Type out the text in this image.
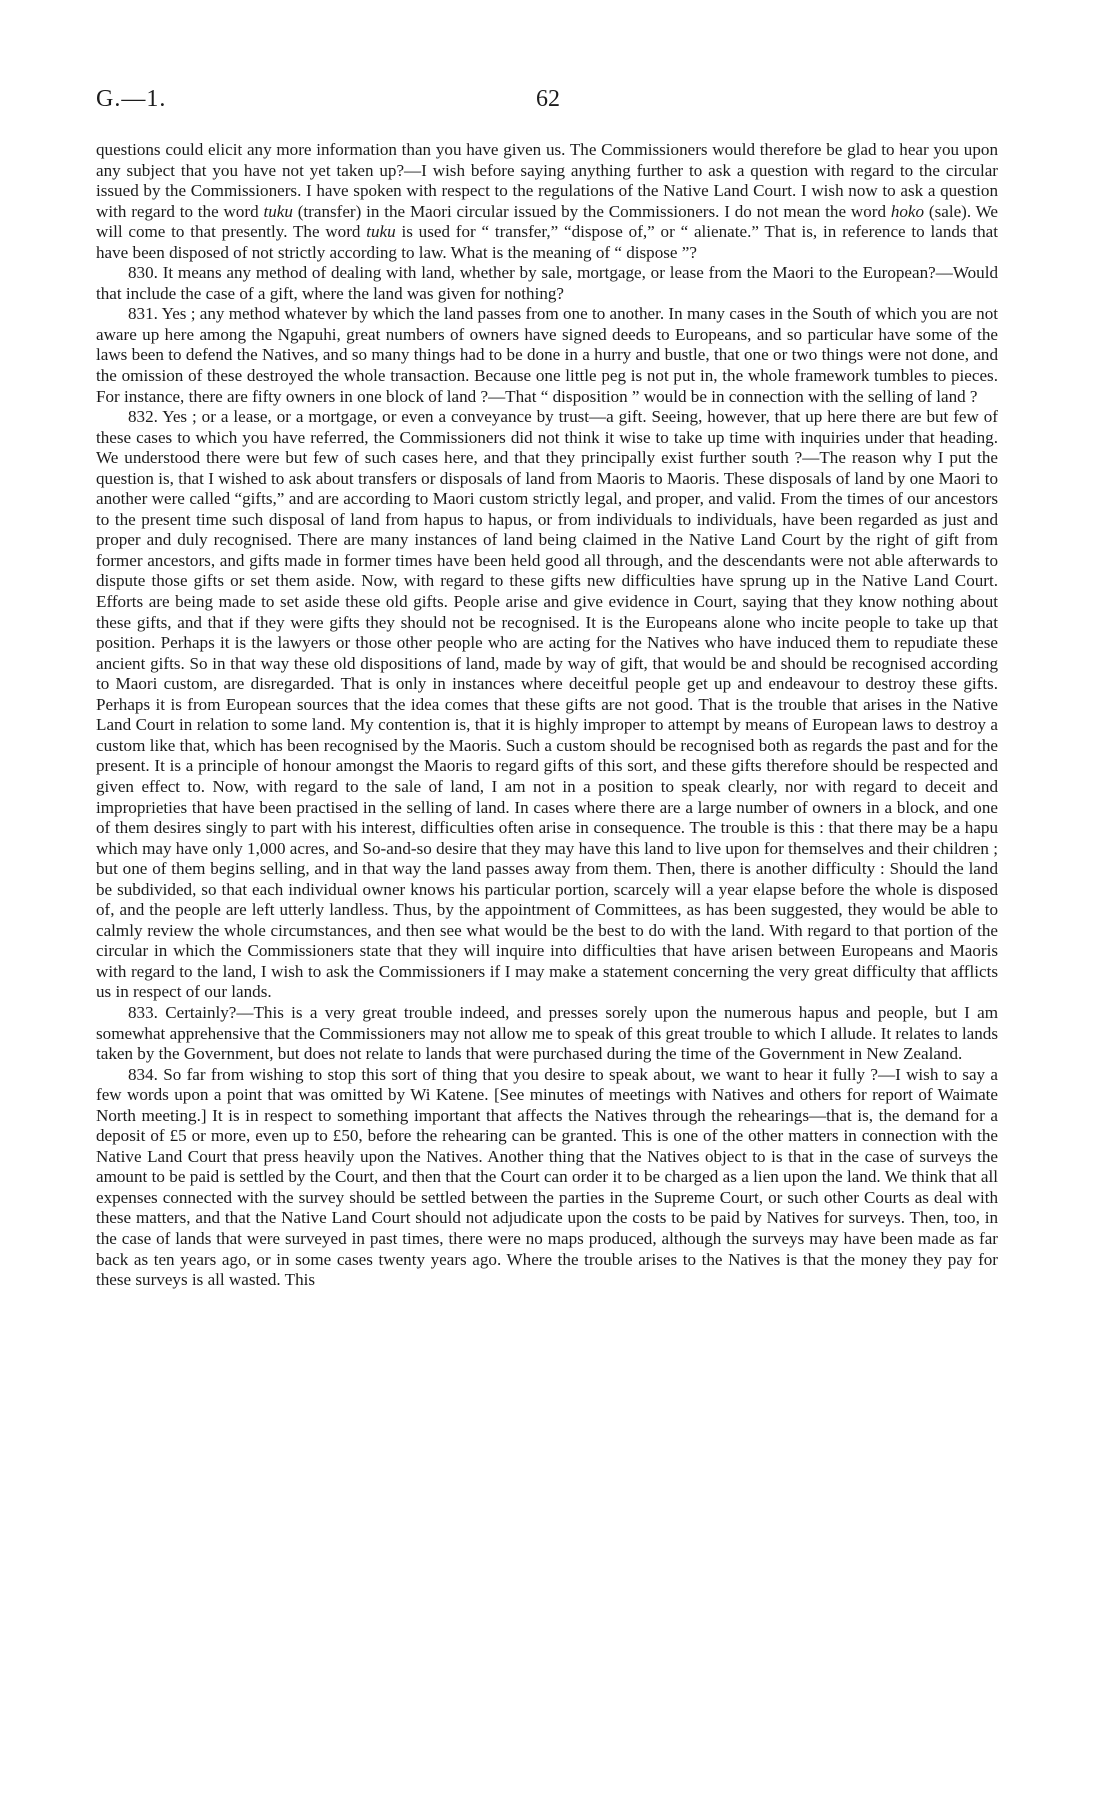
G.—1.	62

questions could elicit any more information than you have given us. The Commissioners would therefore be glad to hear you upon any subject that you have not yet taken up?—I wish before saying anything further to ask a question with regard to the circular issued by the Commissioners. I have spoken with respect to the regulations of the Native Land Court. I wish now to ask a question with regard to the word tuku (transfer) in the Maori circular issued by the Commissioners. I do not mean the word hoko (sale). We will come to that presently. The word tuku is used for “ transfer,” “dispose of,” or “ alienate.” That is, in reference to lands that have been disposed of not strictly according to law. What is the meaning of “ dispose ”?

830. It means any method of dealing with land, whether by sale, mortgage, or lease from the Maori to the European?—Would that include the case of a gift, where the land was given for nothing?

831. Yes ; any method whatever by which the land passes from one to another. In many cases in the South of which you are not aware up here among the Ngapuhi, great numbers of owners have signed deeds to Europeans, and so particular have some of the laws been to defend the Natives, and so many things had to be done in a hurry and bustle, that one or two things were not done, and the omission of these destroyed the whole transaction. Because one little peg is not put in, the whole framework tumbles to pieces. For instance, there are fifty owners in one block of land ?—That “ disposition ” would be in connection with the selling of land ?

832. Yes ; or a lease, or a mortgage, or even a conveyance by trust—a gift. Seeing, however, that up here there are but few of these cases to which you have referred, the Commissioners did not think it wise to take up time with inquiries under that heading. We understood there were but few of such cases here, and that they principally exist further south ?—The reason why I put the question is, that I wished to ask about transfers or disposals of land from Maoris to Maoris. These disposals of land by one Maori to another were called “gifts,” and are according to Maori custom strictly legal, and proper, and valid. From the times of our ancestors to the present time such disposal of land from hapus to hapus, or from individuals to individuals, have been regarded as just and proper and duly recognised. There are many instances of land being claimed in the Native Land Court by the right of gift from former ancestors, and gifts made in former times have been held good all through, and the descendants were not able afterwards to dispute those gifts or set them aside. Now, with regard to these gifts new difficulties have sprung up in the Native Land Court. Efforts are being made to set aside these old gifts. People arise and give evidence in Court, saying that they know nothing about these gifts, and that if they were gifts they should not be recognised. It is the Europeans alone who incite people to take up that position. Perhaps it is the lawyers or those other people who are acting for the Natives who have induced them to repudiate these ancient gifts. So in that way these old dispositions of land, made by way of gift, that would be and should be recognised according to Maori custom, are disregarded. That is only in instances where deceitful people get up and endeavour to destroy these gifts. Perhaps it is from European sources that the idea comes that these gifts are not good. That is the trouble that arises in the Native Land Court in relation to some land. My contention is, that it is highly improper to attempt by means of European laws to destroy a custom like that, which has been recognised by the Maoris. Such a custom should be recognised both as regards the past and for the present. It is a principle of honour amongst the Maoris to regard gifts of this sort, and these gifts therefore should be respected and given effect to. Now, with regard to the sale of land, I am not in a position to speak clearly, nor with regard to deceit and improprieties that have been practised in the selling of land. In cases where there are a large number of owners in a block, and one of them desires singly to part with his interest, difficulties often arise in consequence. The trouble is this : that there may be a hapu which may have only 1,000 acres, and So-and-so desire that they may have this land to live upon for themselves and their children ; but one of them begins selling, and in that way the land passes away from them. Then, there is another difficulty : Should the land be subdivided, so that each individual owner knows his particular portion, scarcely will a year elapse before the whole is disposed of, and the people are left utterly landless. Thus, by the appointment of Committees, as has been suggested, they would be able to calmly review the whole circumstances, and then see what would be the best to do with the land. With regard to that portion of the circular in which the Commissioners state that they will inquire into difficulties that have arisen between Europeans and Maoris with regard to the land, I wish to ask the Commissioners if I may make a statement concerning the very great difficulty that afflicts us in respect of our lands.

833. Certainly?—This is a very great trouble indeed, and presses sorely upon the numerous hapus and people, but I am somewhat apprehensive that the Commissioners may not allow me to speak of this great trouble to which I allude. It relates to lands taken by the Government, but does not relate to lands that were purchased during the time of the Government in New Zealand.

834. So far from wishing to stop this sort of thing that you desire to speak about, we want to hear it fully ?—I wish to say a few words upon a point that was omitted by Wi Katene. [See minutes of meetings with Natives and others for report of Waimate North meeting.] It is in respect to something important that affects the Natives through the rehearings—that is, the demand for a deposit of £5 or more, even up to £50, before the rehearing can be granted. This is one of the other matters in connection with the Native Land Court that press heavily upon the Natives. Another thing that the Natives object to is that in the case of surveys the amount to be paid is settled by the Court, and then that the Court can order it to be charged as a lien upon the land. We think that all expenses connected with the survey should be settled between the parties in the Supreme Court, or such other Courts as deal with these matters, and that the Native Land Court should not adjudicate upon the costs to be paid by Natives for surveys. Then, too, in the case of lands that were surveyed in past times, there were no maps produced, although the surveys may have been made as far back as ten years ago, or in some cases twenty years ago. Where the trouble arises to the Natives is that the money they pay for these surveys is all wasted. This
